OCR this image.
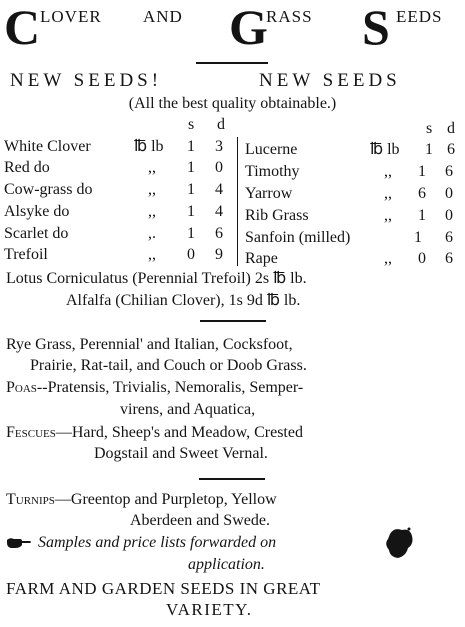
C LOVER AND G
RASS S EEDS
NEW SEEDS!	NEW SEEDS
(All the best quality obtainable.)
s d	s d
White Clover	℔ lb 1 3
Red do	,, 1 0
Cow-grass do	,, 1 4
Alsyke do	,, 1 4
Scarlet do	,. 1 6
Trefoil	,, 0 9
Lucerne	℔ lb 1 6
Timothy	,, 1 6
Yarrow	,, 6 0
Rib Grass	,, 1 0
Sanfoin (milled)	1 6
Rape	,, 0 6
Lotus Corniculatus (Perennial Trefoil) 2s ℔ lb.
Alfalfa (Chilian Clover), 1s 9d ℔ lb.
Rye Grass, Perennial' and Italian, Cocksfoot,
Prairie, Rat-tail, and Couch or Doob Grass.
Poas--Pratensis, Trivialis, Nemoralis, Semper-
virens, and Aquatica,
Fescues—Hard, Sheep's and Meadow, Crested
Dogstail and Sweet Vernal.
Turnips—Greentop and Purpletop, Yellow
Aberdeen and Swede.
Samples and price lists forwarded on
application.
FARM AND GARDEN SEEDS IN GREAT
VARIETY.
